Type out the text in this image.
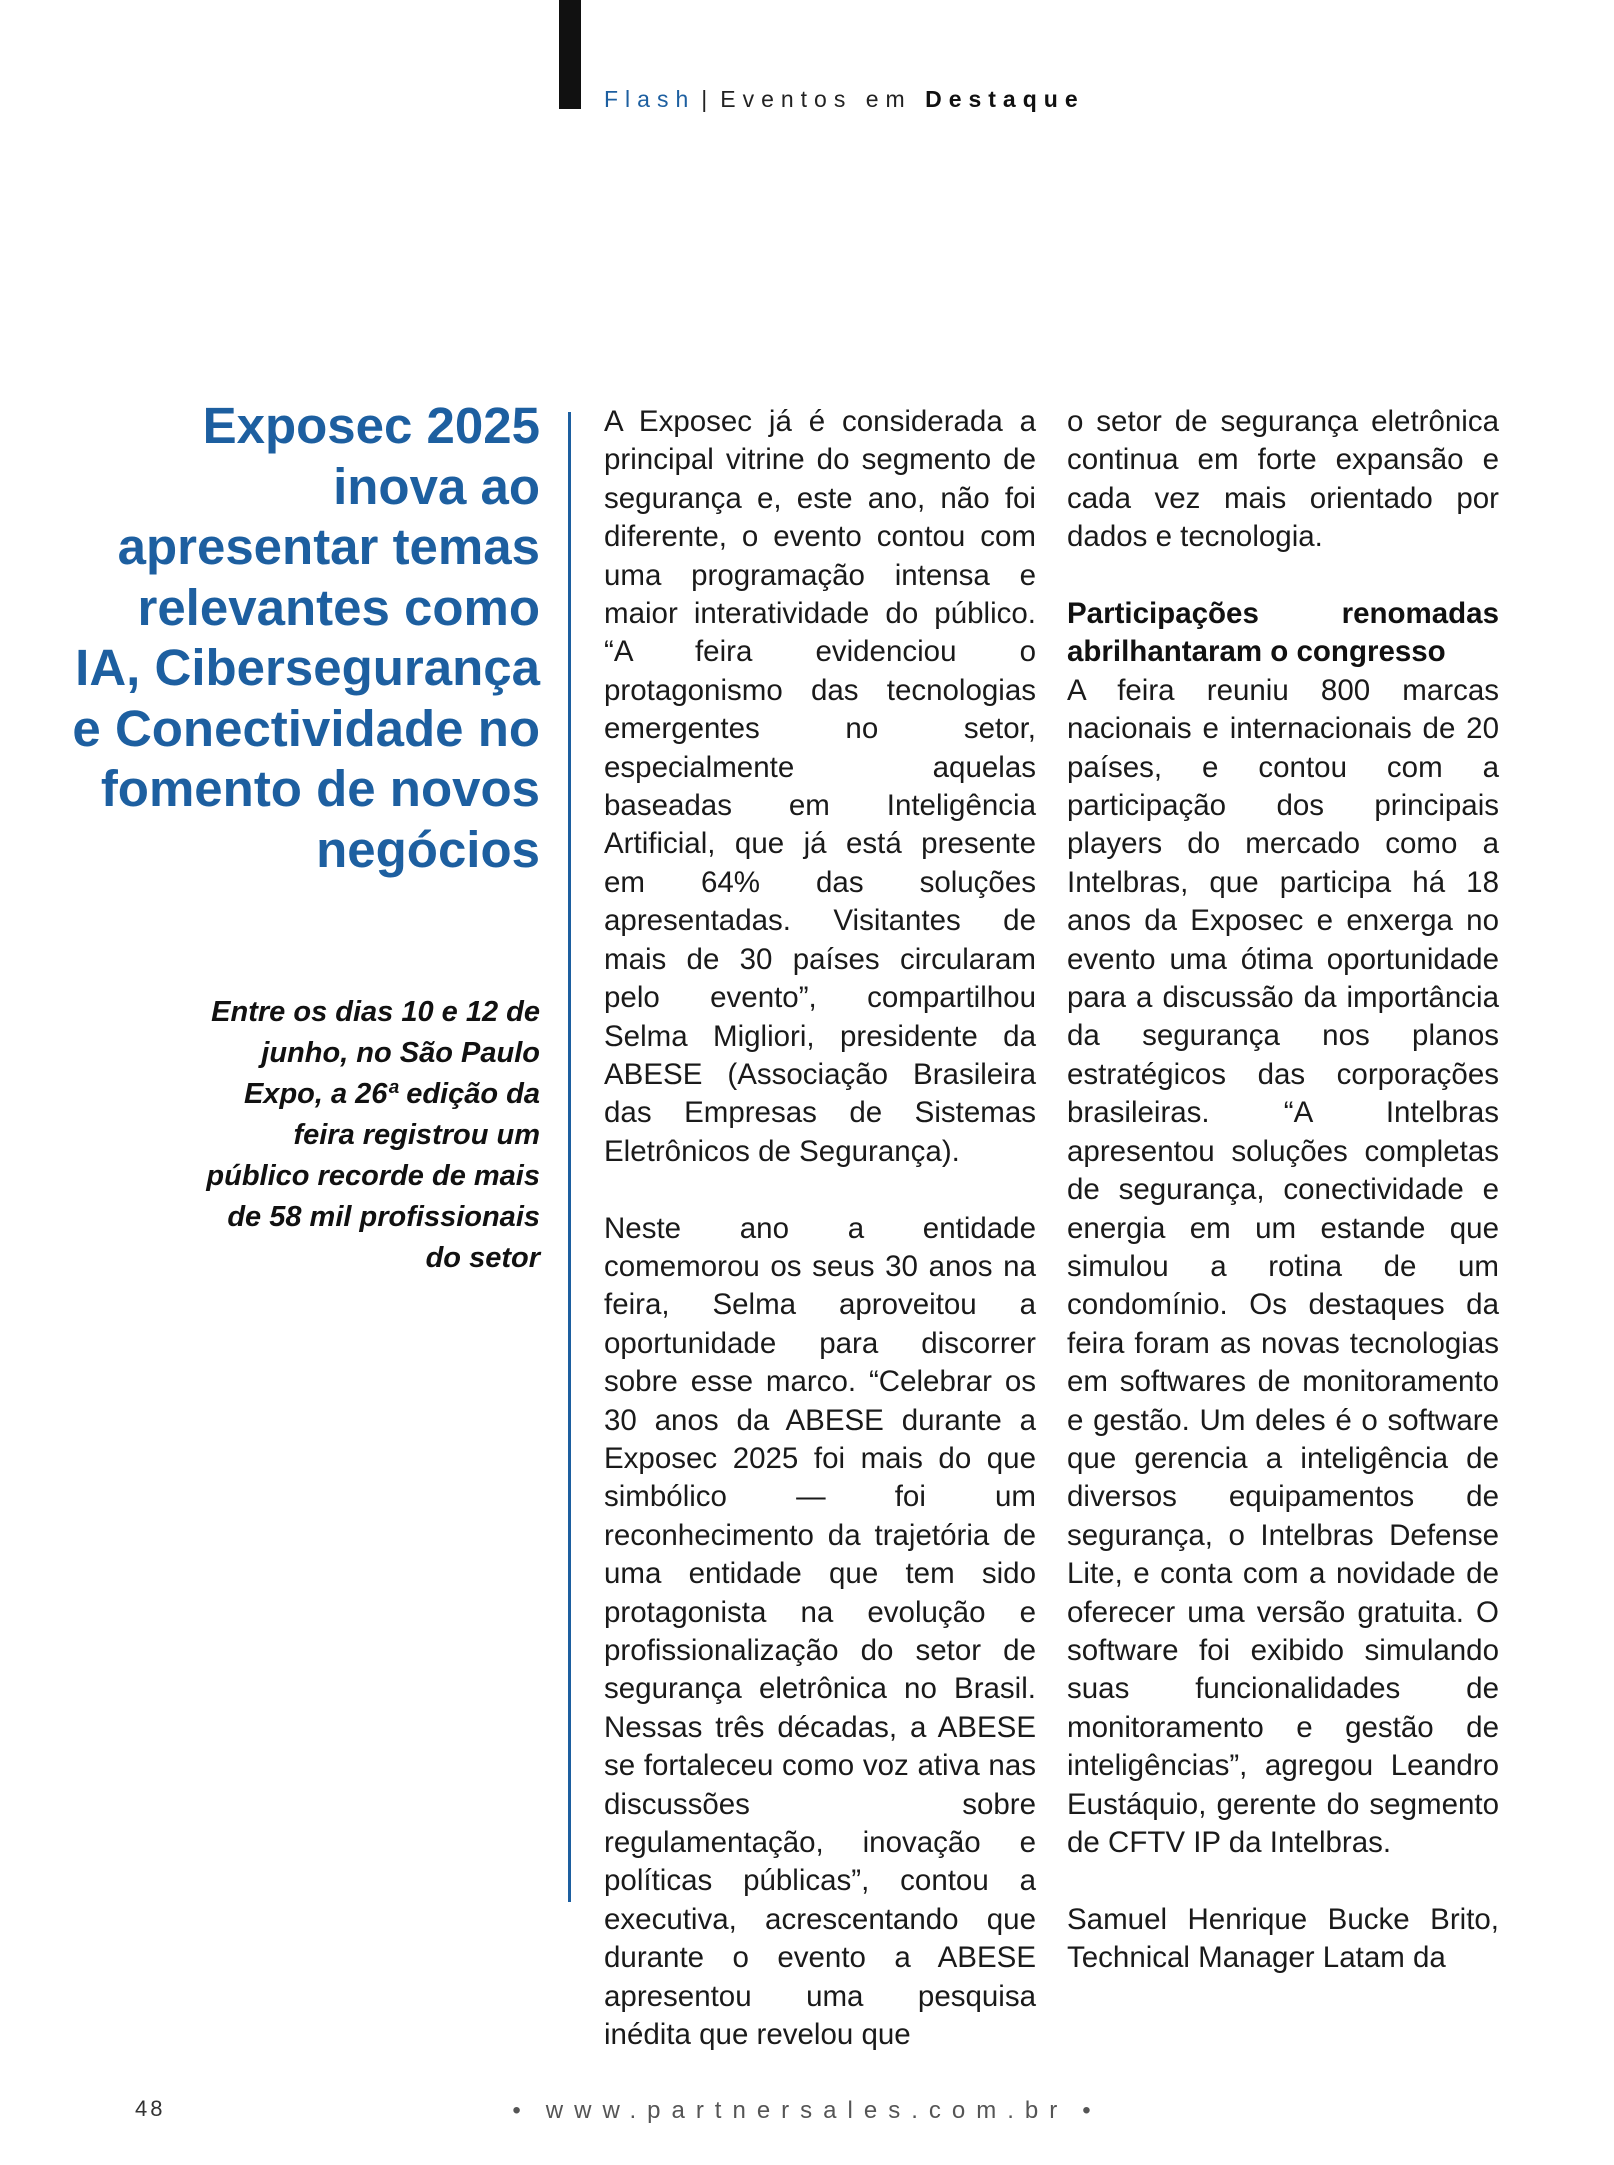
Flash | Eventos em Destaque
Exposec 2025 inova ao apresentar temas relevantes como IA, Cibersegurança e Conectividade no fomento de novos negócios
Entre os dias 10 e 12 de junho, no São Paulo Expo, a 26ª edição da feira registrou um público recorde de mais de 58 mil profissionais do setor

A Exposec já é considerada a principal vitrine do segmento de segurança e, este ano, não foi diferente, o evento contou com uma programação intensa e maior interatividade do público. “A feira evidenciou o protagonismo das tecnologias emergentes no setor, especialmente aquelas baseadas em Inteligência Artificial, que já está presente em 64% das soluções apresentadas. Visitantes de mais de 30 países circularam pelo evento”, compartilhou Selma Migliori, presidente da ABESE (Associação Brasileira das Empresas de Sistemas Eletrônicos de Segurança).

Neste ano a entidade comemorou os seus 30 anos na feira, Selma aproveitou a oportunidade para discorrer sobre esse marco. “Celebrar os 30 anos da ABESE durante a Exposec 2025 foi mais do que simbólico — foi um reconhecimento da trajetória de uma entidade que tem sido protagonista na evolução e profissionalização do setor de segurança eletrônica no Brasil. Nessas três décadas, a ABESE se fortaleceu como voz ativa nas discussões sobre regulamentação, inovação e políticas públicas”, contou a executiva, acrescentando que durante o evento a ABESE apresentou uma pesquisa inédita que revelou que

o setor de segurança eletrônica continua em forte expansão e cada vez mais orientado por dados e tecnologia.

Participações renomadas abrilhantaram o congresso

A feira reuniu 800 marcas nacionais e internacionais de 20 países, e contou com a participação dos principais players do mercado como a Intelbras, que participa há 18 anos da Exposec e enxerga no evento uma ótima oportunidade para a discussão da importância da segurança nos planos estratégicos das corporações brasileiras. “A Intelbras apresentou soluções completas de segurança, conectividade e energia em um estande que simulou a rotina de um condomínio. Os destaques da feira foram as novas tecnologias em softwares de monitoramento e gestão. Um deles é o software que gerencia a inteligência de diversos equipamentos de segurança, o Intelbras Defense Lite, e conta com a novidade de oferecer uma versão gratuita. O software foi exibido simulando suas funcionalidades de monitoramento e gestão de inteligências”, agregou Leandro Eustáquio, gerente do segmento de CFTV IP da Intelbras.

Samuel Henrique Bucke Brito, Technical Manager Latam da

48	• www.partnersales.com.br •
